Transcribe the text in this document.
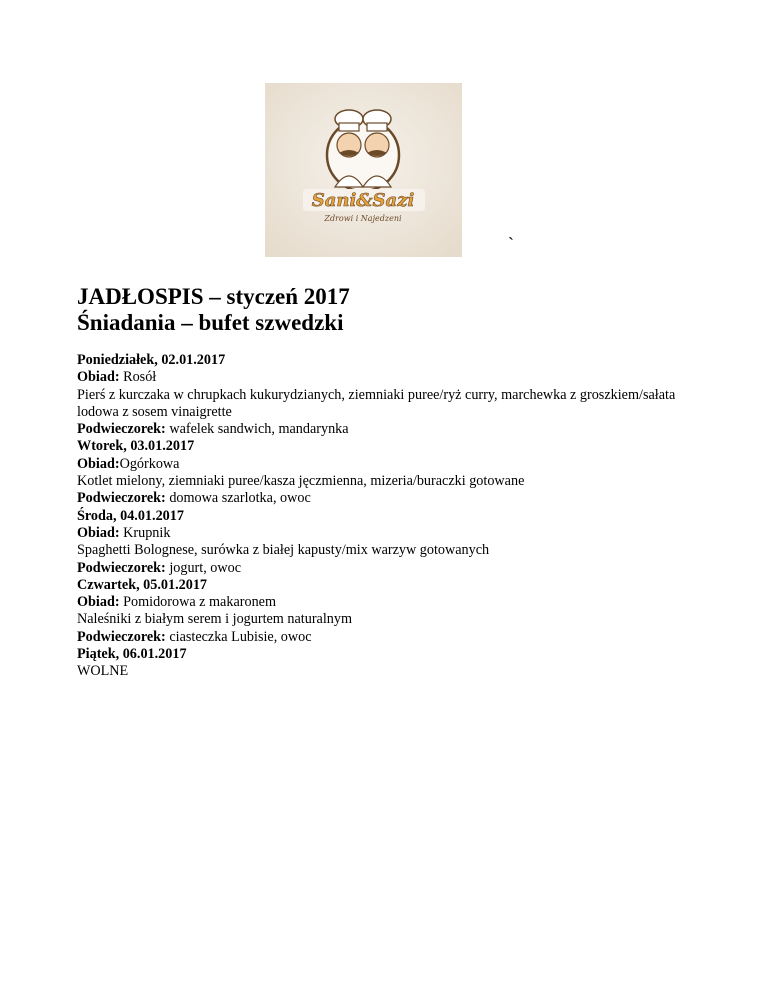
Sani&Sazi
Zdrowi i Najedzeni
`

JADŁOSPIS – styczeń 2017

Śniadania – bufet szwedzki

Poniedziałek, 02.01.2017
Obiad: Rosół
Pierś z kurczaka w chrupkach kukurydzianych, ziemniaki puree/ryż curry, marchewka z groszkiem/sałata lodowa z sosem vinaigrette
Podwieczorek: wafelek sandwich, mandarynka
Wtorek, 03.01.2017
Obiad:Ogórkowa
Kotlet mielony, ziemniaki puree/kasza jęczmienna, mizeria/buraczki gotowane
Podwieczorek: domowa szarlotka, owoc
Środa, 04.01.2017
Obiad: Krupnik
Spaghetti Bolognese, surówka z białej kapusty/mix warzyw gotowanych
Podwieczorek: jogurt, owoc
Czwartek, 05.01.2017
Obiad: Pomidorowa z makaronem
Naleśniki z białym serem i jogurtem naturalnym
Podwieczorek: ciasteczka Lubisie, owoc
Piątek, 06.01.2017
WOLNE
